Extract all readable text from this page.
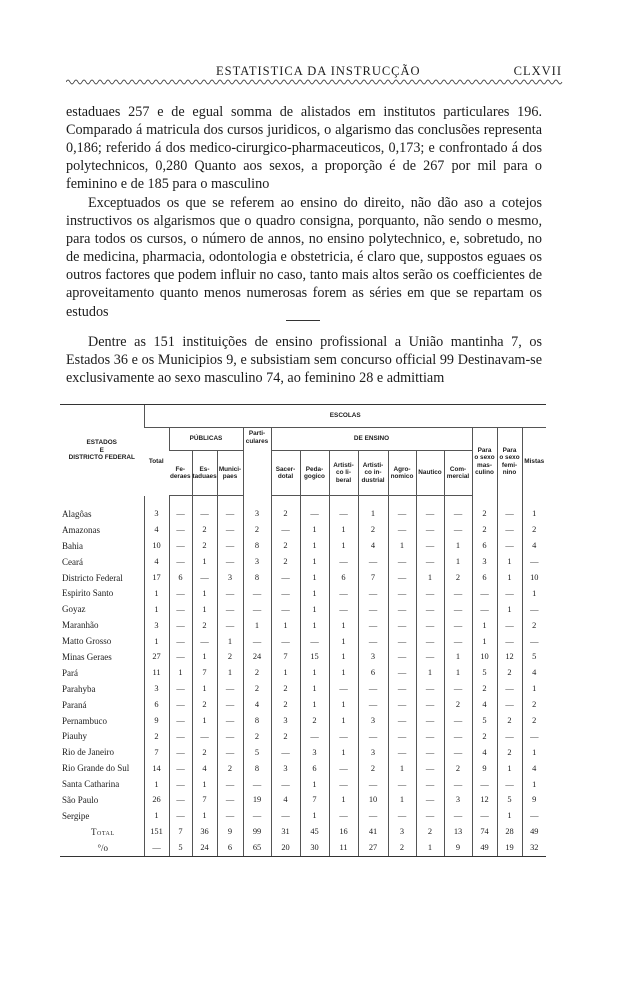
ESTATISTICA DA INSTRUCÇÃO	CLXVII

estaduaes 257 e de egual somma de alistados em institutos particulares 196. Comparado á matricula dos cursos juridicos, o algarismo das conclusões representa 0,186; referido á dos medico-cirurgico-pharmaceuticos, 0,173; e confrontado á dos polytechnicos, 0,280 Quanto aos sexos, a proporção é de 267 por mil para o feminino e de 185 para o masculino

Exceptuados os que se referem ao ensino do direito, não dão aso a cotejos instructivos os algarismos que o quadro consigna, porquanto, não sendo o mesmo, para todos os cursos, o número de annos, no ensino polytechnico, e, sobretudo, no de medicina, pharmacia, odontologia e obstetricia, é claro que, suppostos eguaes os outros factores que podem influir no caso, tanto mais altos serão os coefficientes de aproveitamento quanto menos numerosas forem as séries em que se repartam os estudos

Dentre as 151 instituições de ensino profissional a União mantinha 7, os Estados 36 e os Municipios 9, e subsistiam sem concurso official 99 Destinavam-se exclusivamente ao sexo masculino 74, ao feminino 28 e admittiam

ESTADOS
E
DISTRICTO FEDERAL	ESCOLAS														
	Total	PÚBLICAS			Parti-
culares	DE ENSINO							Para
o sexo
mas-
culino	Para
o sexo
femi-
nino	Mistas
		Fe-
deraes	Es-
taduaes	Munici-
paes		Sacer-
dotal	Peda-
gogico	Artisti-
co li-
beral	Artisti-
co in-
dustrial	Agro-
nomico	Nautico	Com-
mercial			

Alagôas	3	—	—	—	3	2	—	—	1	—	—	—	2	—	1
Amazonas	4	—	2	—	2	—	1	1	2	—	—	—	2	—	2
Bahia	10	—	2	—	8	2	1	1	4	1	—	1	6	—	4
Ceará	4	—	1	—	3	2	1	—	—	—	—	1	3	1	—
Districto Federal	17	6	—	3	8	—	1	6	7	—	1	2	6	1	10
Espirito Santo	1	—	1	—	—	—	1	—	—	—	—	—	—	—	1
Goyaz	1	—	1	—	—	—	1	—	—	—	—	—	—	1	—
Maranhão	3	—	2	—	1	1	1	1	—	—	—	—	1	—	2
Matto Grosso	1	—	—	1	—	—	—	1	—	—	—	—	1	—	—
Minas Geraes	27	—	1	2	24	7	15	1	3	—	—	1	10	12	5
Pará	11	1	7	1	2	1	1	1	6	—	1	1	5	2	4
Parahyba	3	—	1	—	2	2	1	—	—	—	—	—	2	—	1
Paraná	6	—	2	—	4	2	1	1	—	—	—	2	4	—	2
Pernambuco	9	—	1	—	8	3	2	1	3	—	—	—	5	2	2
Piauhy	2	—	—	—	2	2	—	—	—	—	—	—	2	—	—
Rio de Janeiro	7	—	2	—	5	—	3	1	3	—	—	—	4	2	1
Rio Grande do Sul	14	—	4	2	8	3	6	—	2	1	—	2	9	1	4
Santa Catharina	1	—	1	—	—	—	1	—	—	—	—	—	—	—	1
São Paulo	26	—	7	—	19	4	7	1	10	1	—	3	12	5	9
Sergipe	1	—	1	—	—	—	1	—	—	—	—	—	—	1	—
Total	151	7	36	9	99	31	45	16	41	3	2	13	74	28	49
°/o	—	5	24	6	65	20	30	11	27	2	1	9	49	19	32
